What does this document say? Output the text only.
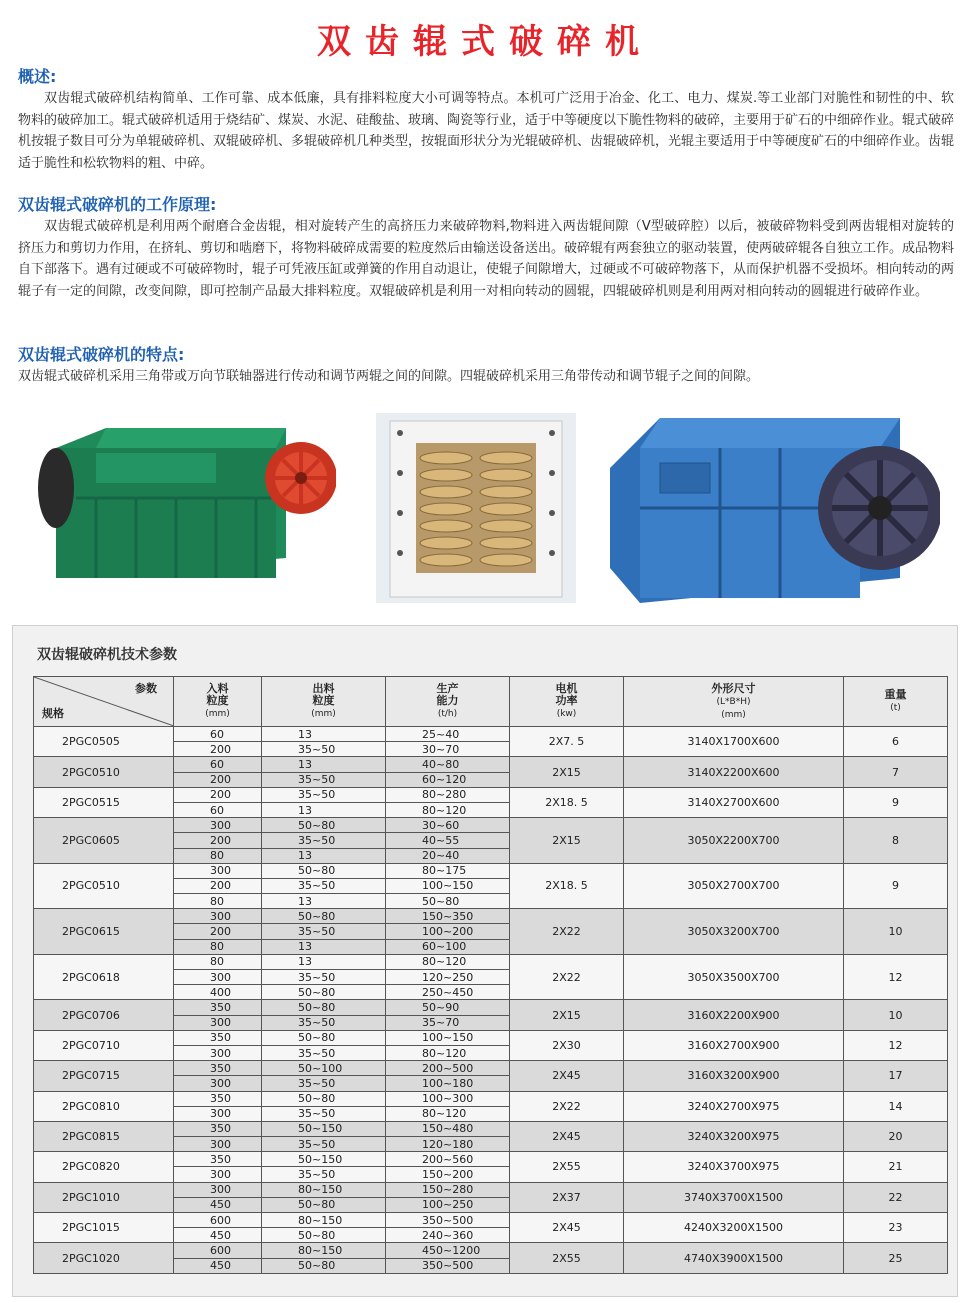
双齿辊式破碎机
概述:
双齿辊式破碎机结构简单、工作可靠、成本低廉，具有排料粒度大小可调等特点。本机可广泛用于冶金、化工、电力、煤炭.等工业部门对脆性和韧性的中、软物料的破碎加工。辊式破碎机适用于烧结矿、煤炭、水泥、硅酸盐、玻璃、陶瓷等行业，适于中等硬度以下脆性物料的破碎，主要用于矿石的中细碎作业。辊式破碎机按辊子数目可分为单辊破碎机、双辊破碎机、多辊破碎机几种类型，按辊面形状分为光辊破碎机、齿辊破碎机，光辊主要适用于中等硬度矿石的中细碎作业。齿辊适于脆性和松软物料的粗、中碎。
双齿辊式破碎机的工作原理:
双齿辊式破碎机是利用两个耐磨合金齿辊，相对旋转产生的高挤压力来破碎物料,物料进入两齿辊间隙（V型破碎腔）以后，被破碎物料受到两齿辊相对旋转的挤压力和剪切力作用，在挤轧、剪切和啮磨下，将物料破碎成需要的粒度然后由输送设备送出。破碎辊有两套独立的驱动装置，使两破碎辊各自独立工作。成品物料自下部落下。遇有过硬或不可破碎物时，辊子可凭液压缸或弹簧的作用自动退让，使辊子间隙增大，过硬或不可破碎物落下，从而保护机器不受损坏。相向转动的两辊子有一定的间隙，改变间隙，即可控制产品最大排料粒度。双辊破碎机是利用一对相向转动的圆辊，四辊破碎机则是利用两对相向转动的圆辊进行破碎作业。
双齿辊式破碎机的特点:
双齿辊式破碎机采用三角带或万向节联轴器进行传动和调节两辊之间的间隙。四辊破碎机采用三角带传动和调节辊子之间的间隙。
双齿辊破碎机技术参数
参数
规格	入料
粒度
(mm)	出料
粒度
(mm)	生产
能力
(t/h)	电机
功率
(kw)	外形尺寸
(L*B*H)
(mm)	重量
(t)
2PGC0505	60	13	25~40	2X7. 5	3140X1700X600	6
	200	35~50	30~70			
2PGC0510	60	13	40~80	2X15	3140X2200X600	7
	200	35~50	60~120			
2PGC0515	200	35~50	80~280	2X18. 5	3140X2700X600	9
	60	13	80~120			
2PGC0605	300	50~80	30~60	2X15	3050X2200X700	8
	200	35~50	40~55			
	80	13	20~40			
2PGC0510	300	50~80	80~175	2X18. 5	3050X2700X700	9
	200	35~50	100~150			
	80	13	50~80			
2PGC0615	300	50~80	150~350	2X22	3050X3200X700	10
	200	35~50	100~200			
	80	13	60~100			
2PGC0618	80	13	80~120	2X22	3050X3500X700	12
	300	35~50	120~250			
	400	50~80	250~450			
2PGC0706	350	50~80	50~90	2X15	3160X2200X900	10
	300	35~50	35~70			
2PGC0710	350	50~80	100~150	2X30	3160X2700X900	12
	300	35~50	80~120			
2PGC0715	350	50~100	200~500	2X45	3160X3200X900	17
	300	35~50	100~180			
2PGC0810	350	50~80	100~300	2X22	3240X2700X975	14
	300	35~50	80~120			
2PGC0815	350	50~150	150~480	2X45	3240X3200X975	20
	300	35~50	120~180			
2PGC0820	350	50~150	200~560	2X55	3240X3700X975	21
	300	35~50	150~200			
2PGC1010	300	80~150	150~280	2X37	3740X3700X1500	22
	450	50~80	100~250			
2PGC1015	600	80~150	350~500	2X45	4240X3200X1500	23
	450	50~80	240~360			
2PGC1020	600	80~150	450~1200	2X55	4740X3900X1500	25
	450	50~80	350~500			
